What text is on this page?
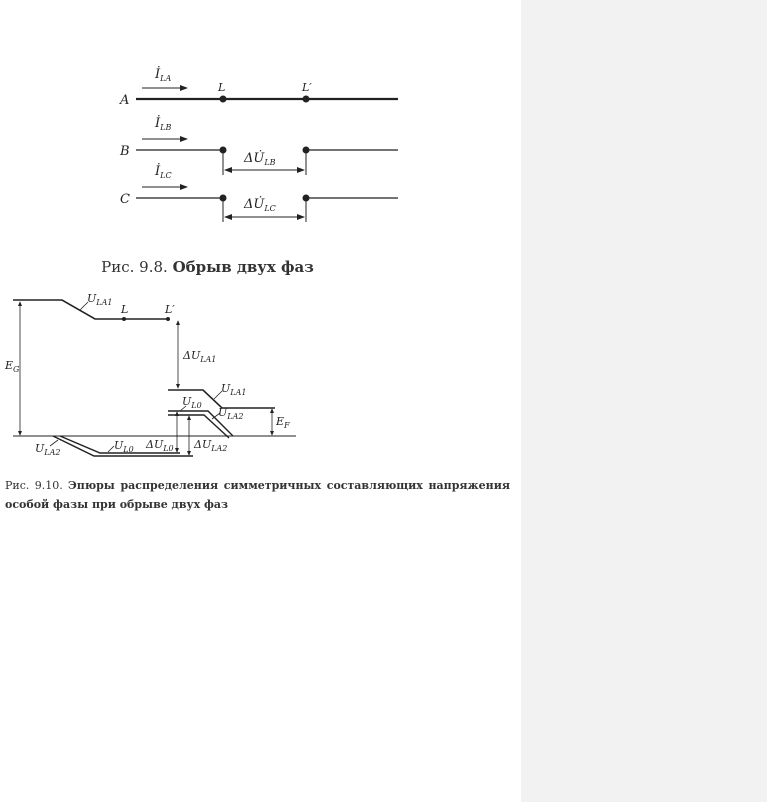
A
L	L′
$İ_{LA}$
B	$\Delta U̇_{LB}$
$İ_{LB}$
C	$\Delta U̇_{LC}$
$İ_{LC}$
Рис. 9.8. Обрыв двух фаз
L	L′
$U_{LA1}$
$E_G$
$\Delta U_{LA1}$
$U_{LA1}$
$E_F$
$U_{L0}$
$U_{LA2}$
$U_{LA2}$
$U_{L0}$ $\Delta U_{L0}$ $\Delta U_{LA2}$
Рис. 9.10. Эпюры распределения симметричных составляющих напряжения особой фазы при обрыве двух фаз
